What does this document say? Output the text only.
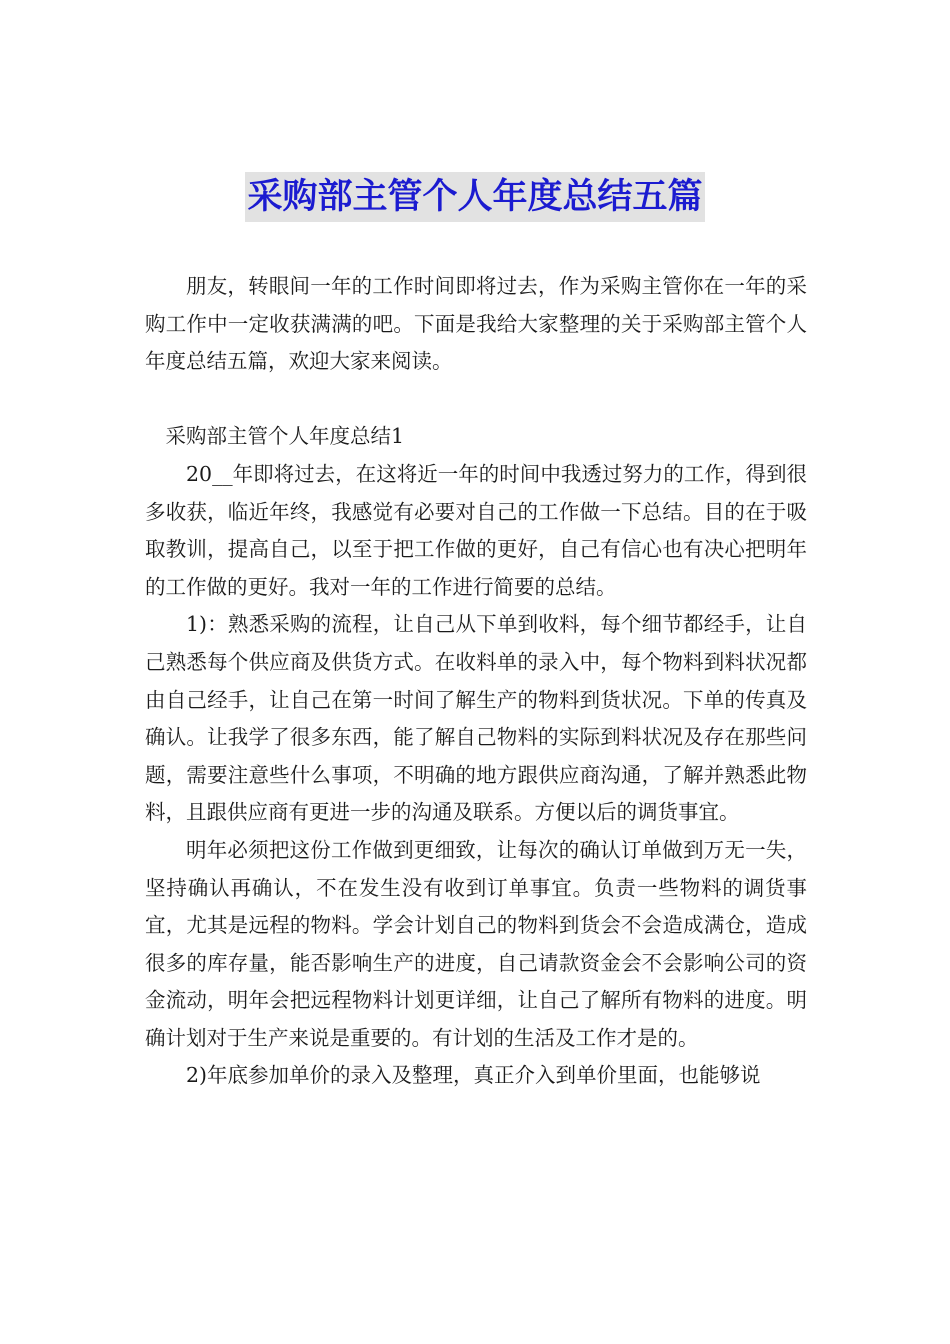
采购部主管个人年度总结五篇

朋友，转眼间一年的工作时间即将过去，作为采购主管你在一年的采购工作中一定收获满满的吧。下面是我给大家整理的关于采购部主管个人年度总结五篇，欢迎大家来阅读。

采购部主管个人年度总结1

20__年即将过去，在这将近一年的时间中我透过努力的工作，得到很多收获，临近年终，我感觉有必要对自己的工作做一下总结。目的在于吸取教训，提高自己，以至于把工作做的更好，自己有信心也有决心把明年的工作做的更好。我对一年的工作进行简要的总结。

1)：熟悉采购的流程，让自己从下单到收料，每个细节都经手，让自己熟悉每个供应商及供货方式。在收料单的录入中，每个物料到料状况都由自己经手，让自己在第一时间了解生产的物料到货状况。下单的传真及确认。让我学了很多东西，能了解自己物料的实际到料状况及存在那些问题，需要注意些什么事项，不明确的地方跟供应商沟通，了解并熟悉此物料，且跟供应商有更进一步的沟通及联系。方便以后的调货事宜。

明年必须把这份工作做到更细致，让每次的确认订单做到万无一失，坚持确认再确认，不在发生没有收到订单事宜。负责一些物料的调货事宜，尤其是远程的物料。学会计划自己的物料到货会不会造成满仓，造成很多的库存量，能否影响生产的进度，自己请款资金会不会影响公司的资金流动，明年会把远程物料计划更详细，让自己了解所有物料的进度。明确计划对于生产来说是重要的。有计划的生活及工作才是的。

2)年底参加单价的录入及整理，真正介入到单价里面，也能够说
